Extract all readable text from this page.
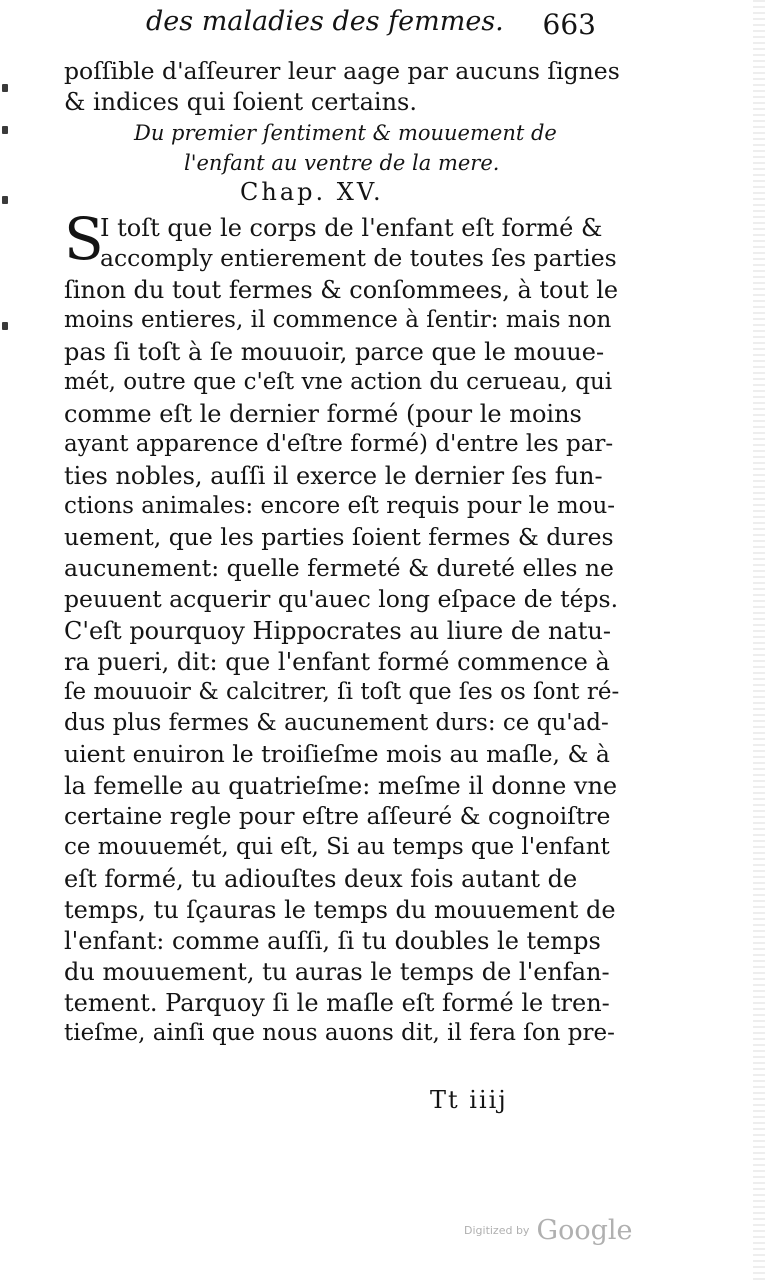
des maladies des femmes. 663
poſſible d'aſſeurer leur aage par aucuns ſignes
& indices qui ſoient certains.
Du premier ſentiment & mouuement de
l'enfant au ventre de la mere.
Chap. XV.
S
I toſt que le corps de l'enfant eſt formé &
accomply entierement de toutes ſes parties
ſinon du tout fermes & conſommees, à tout le
moins entieres, il commence à ſentir: mais non
pas ſi toſt à ſe mouuoir, parce que le mouue-
mét, outre que c'eſt vne action du cerueau, qui
comme eſt le dernier formé (pour le moins
ayant apparence d'eſtre formé) d'entre les par-
ties nobles, auſſi il exerce le dernier ſes fun-
ctions animales: encore eſt requis pour le mou-
uement, que les parties ſoient fermes & dures
aucunement: quelle fermeté & dureté elles ne
peuuent acquerir qu'auec long eſpace de téps.
C'eſt pourquoy Hippocrates au liure de natu-
ra pueri, dit: que l'enfant formé commence à
ſe mouuoir & calcitrer, ſi toſt que ſes os ſont ré-
dus plus fermes & aucunement durs: ce qu'ad-
uient enuiron le troiſieſme mois au maſle, & à
la femelle au quatrieſme: meſme il donne vne
certaine regle pour eſtre aſſeuré & cognoiſtre
ce mouuemét, qui eſt, Si au temps que l'enfant
eſt formé, tu adiouſtes deux fois autant de
temps, tu ſçauras le temps du mouuement de
l'enfant: comme auſſi, ſi tu doubles le temps
du mouuement, tu auras le temps de l'enfan-
tement. Parquoy ſi le maſle eſt formé le tren-
tieſme, ainſi que nous auons dit, il fera ſon pre-
Tt iiij
Digitized by Google
